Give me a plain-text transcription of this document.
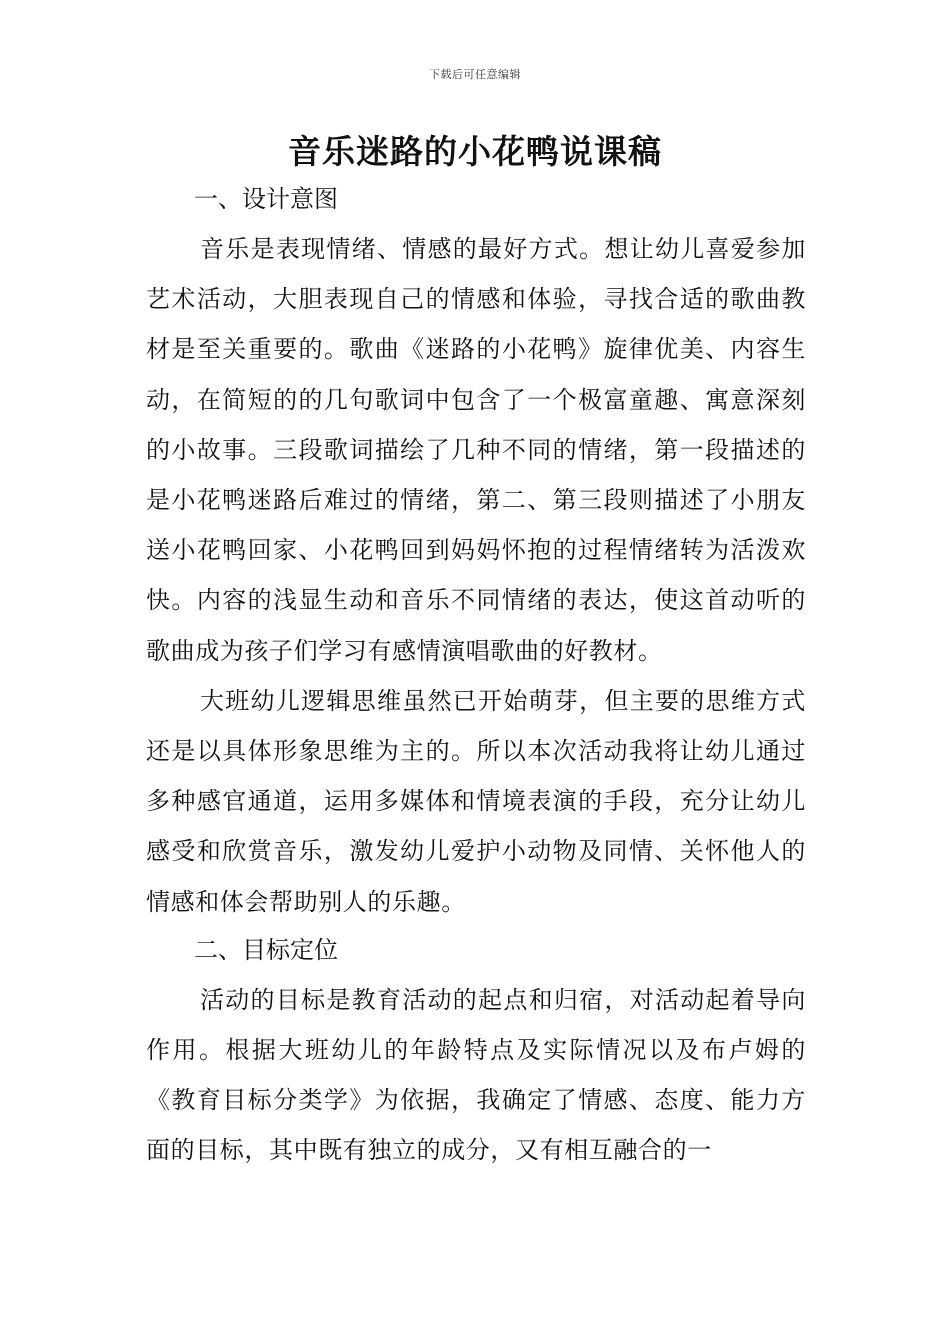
下载后可任意编辑
音乐迷路的小花鸭说课稿
一、设计意图

音乐是表现情绪、情感的最好方式。想让幼儿喜爱参加艺术活动，大胆表现自己的情感和体验，寻找合适的歌曲教材是至关重要的。歌曲《迷路的小花鸭》旋律优美、内容生动，在简短的的几句歌词中包含了一个极富童趣、寓意深刻的小故事。三段歌词描绘了几种不同的情绪，第一段描述的是小花鸭迷路后难过的情绪，第二、第三段则描述了小朋友送小花鸭回家、小花鸭回到妈妈怀抱的过程情绪转为活泼欢快。内容的浅显生动和音乐不同情绪的表达，使这首动听的歌曲成为孩子们学习有感情演唱歌曲的好教材。

大班幼儿逻辑思维虽然已开始萌芽，但主要的思维方式还是以具体形象思维为主的。所以本次活动我将让幼儿通过多种感官通道，运用多媒体和情境表演的手段，充分让幼儿感受和欣赏音乐，激发幼儿爱护小动物及同情、关怀他人的情感和体会帮助别人的乐趣。

二、目标定位

活动的目标是教育活动的起点和归宿，对活动起着导向作用。根据大班幼儿的年龄特点及实际情况以及布卢姆的《教育目标分类学》为依据，我确定了情感、态度、能力方面的目标，其中既有独立的成分，又有相互融合的一
